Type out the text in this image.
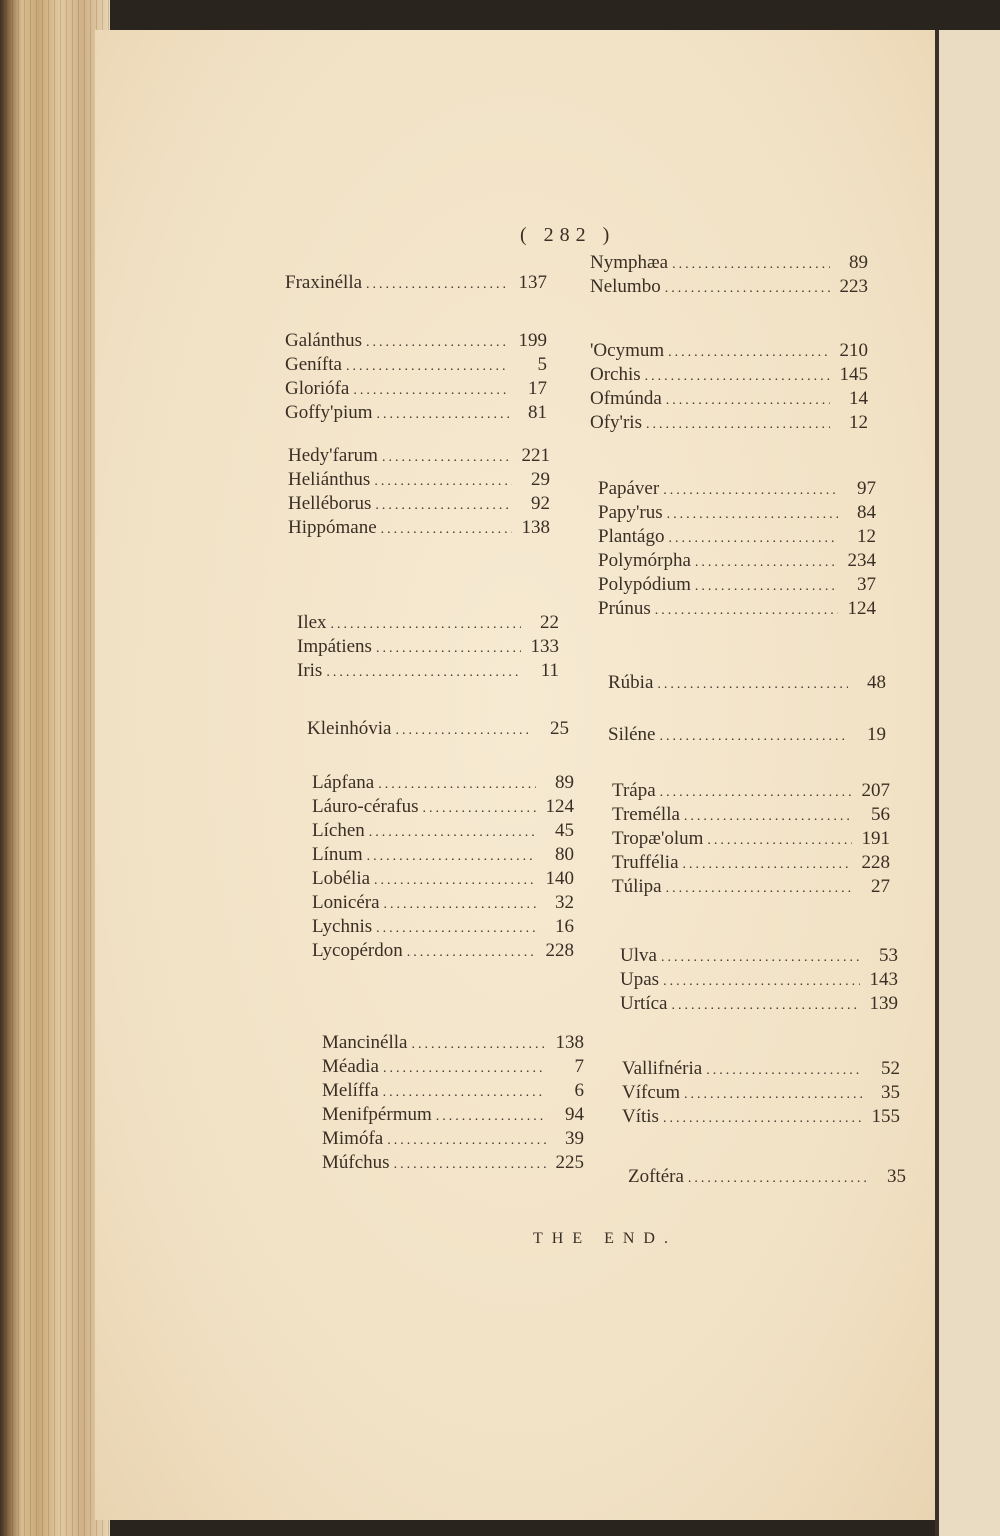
( 282 )
Fraxinélla .....	137
Galánthus .....	199
Genífta .....	5
Gloriófa .....	17
Goffy'pium .....	81
Hedy'farum .....	221
Heliánthus .....	29
Helléborus .....	92
Hippómane .....	138
Ilex .....	22
Impátiens .....	133
Iris .....	11
Kleinhóvia .....	25
Lápfana .....	89
Láuro-cérafus .....	124
Líchen .....	45
Línum .....	80
Lobélia .....	140
Lonicéra .....	32
Lychnis .....	16
Lycopérdon .....	228
Mancinélla .....	138
Méadia .....	7
Melíffa .....	6
Menifpérmum .....	94
Mimófa .....	39
Múfchus .....	225
Nymphæa .....	89
Nelumbo .....	223
'Ocymum .....	210
Orchis .....	145
Ofmúnda .....	14
Ofy'ris .....	12
Papáver .....	97
Papy'rus .....	84
Plantágo .....	12
Polymórpha .....	234
Polypódium .....	37
Prúnus .....	124
Rúbia .....	48
Siléne .....	19
Trápa .....	207
Tremélla .....	56
Tropæ'olum .....	191
Truffélia .....	228
Túlipa .....	27
Ulva .....	53
Upas .....	143
Urtíca .....	139
Vallifnéria .....	52
Vífcum .....	35
Vítis .....	155
Zoftéra .....	35
THE END.
